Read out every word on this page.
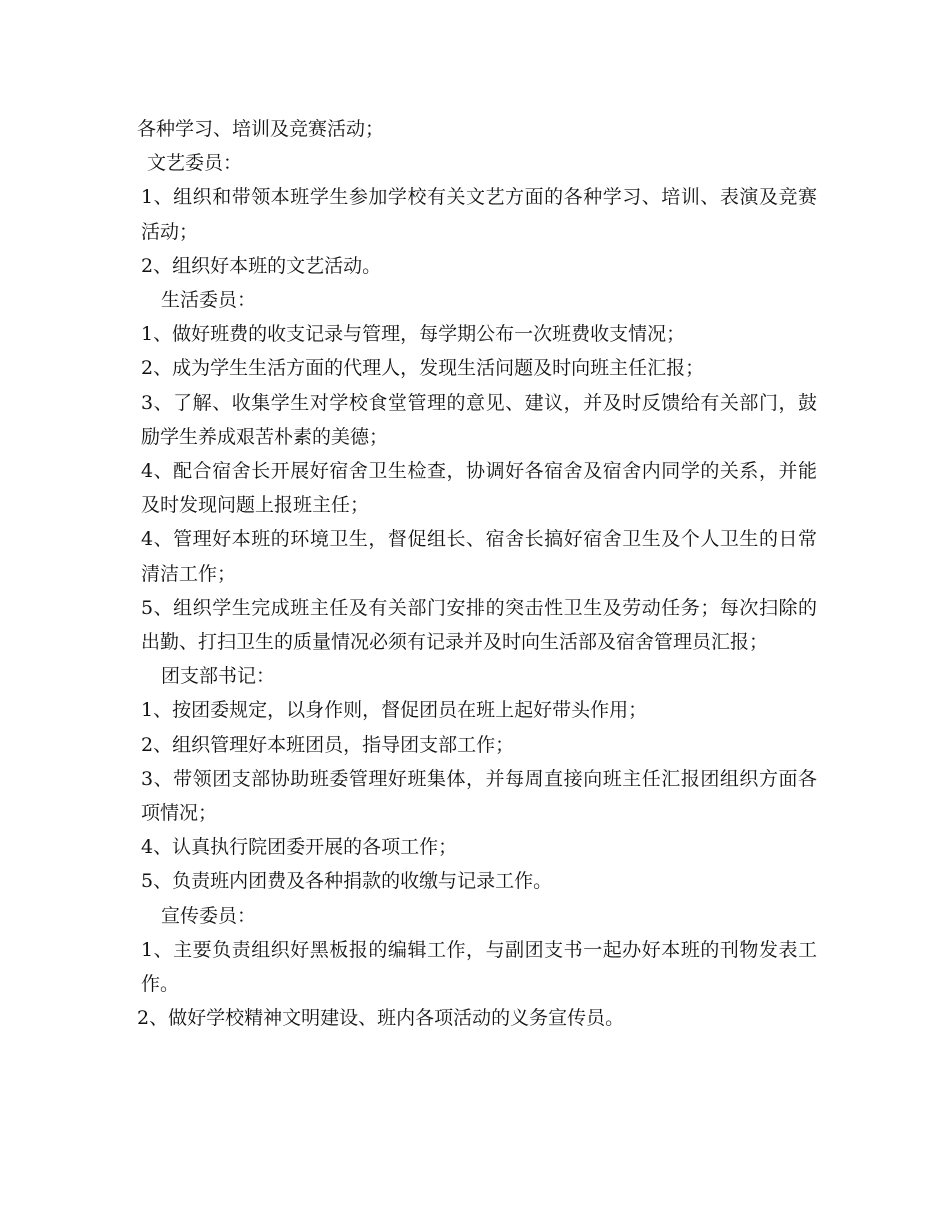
各种学习、培训及竞赛活动；

文艺委员：

1、组织和带领本班学生参加学校有关文艺方面的各种学习、培训、表演及竞赛活动；

2、组织好本班的文艺活动。

生活委员：

1、做好班费的收支记录与管理，每学期公布一次班费收支情况；

2、成为学生生活方面的代理人，发现生活问题及时向班主任汇报；

3、了解、收集学生对学校食堂管理的意见、建议，并及时反馈给有关部门，鼓励学生养成艰苦朴素的美德；

4、配合宿舍长开展好宿舍卫生检查，协调好各宿舍及宿舍内同学的关系，并能及时发现问题上报班主任；

4、管理好本班的环境卫生，督促组长、宿舍长搞好宿舍卫生及个人卫生的日常清洁工作；

5、组织学生完成班主任及有关部门安排的突击性卫生及劳动任务；每次扫除的出勤、打扫卫生的质量情况必须有记录并及时向生活部及宿舍管理员汇报；

团支部书记：

1、按团委规定，以身作则，督促团员在班上起好带头作用；

2、组织管理好本班团员，指导团支部工作；

3、带领团支部协助班委管理好班集体，并每周直接向班主任汇报团组织方面各项情况；

4、认真执行院团委开展的各项工作；

5、负责班内团费及各种捐款的收缴与记录工作。

宣传委员：

1、主要负责组织好黑板报的编辑工作，与副团支书一起办好本班的刊物发表工作。

2、做好学校精神文明建设、班内各项活动的义务宣传员。
